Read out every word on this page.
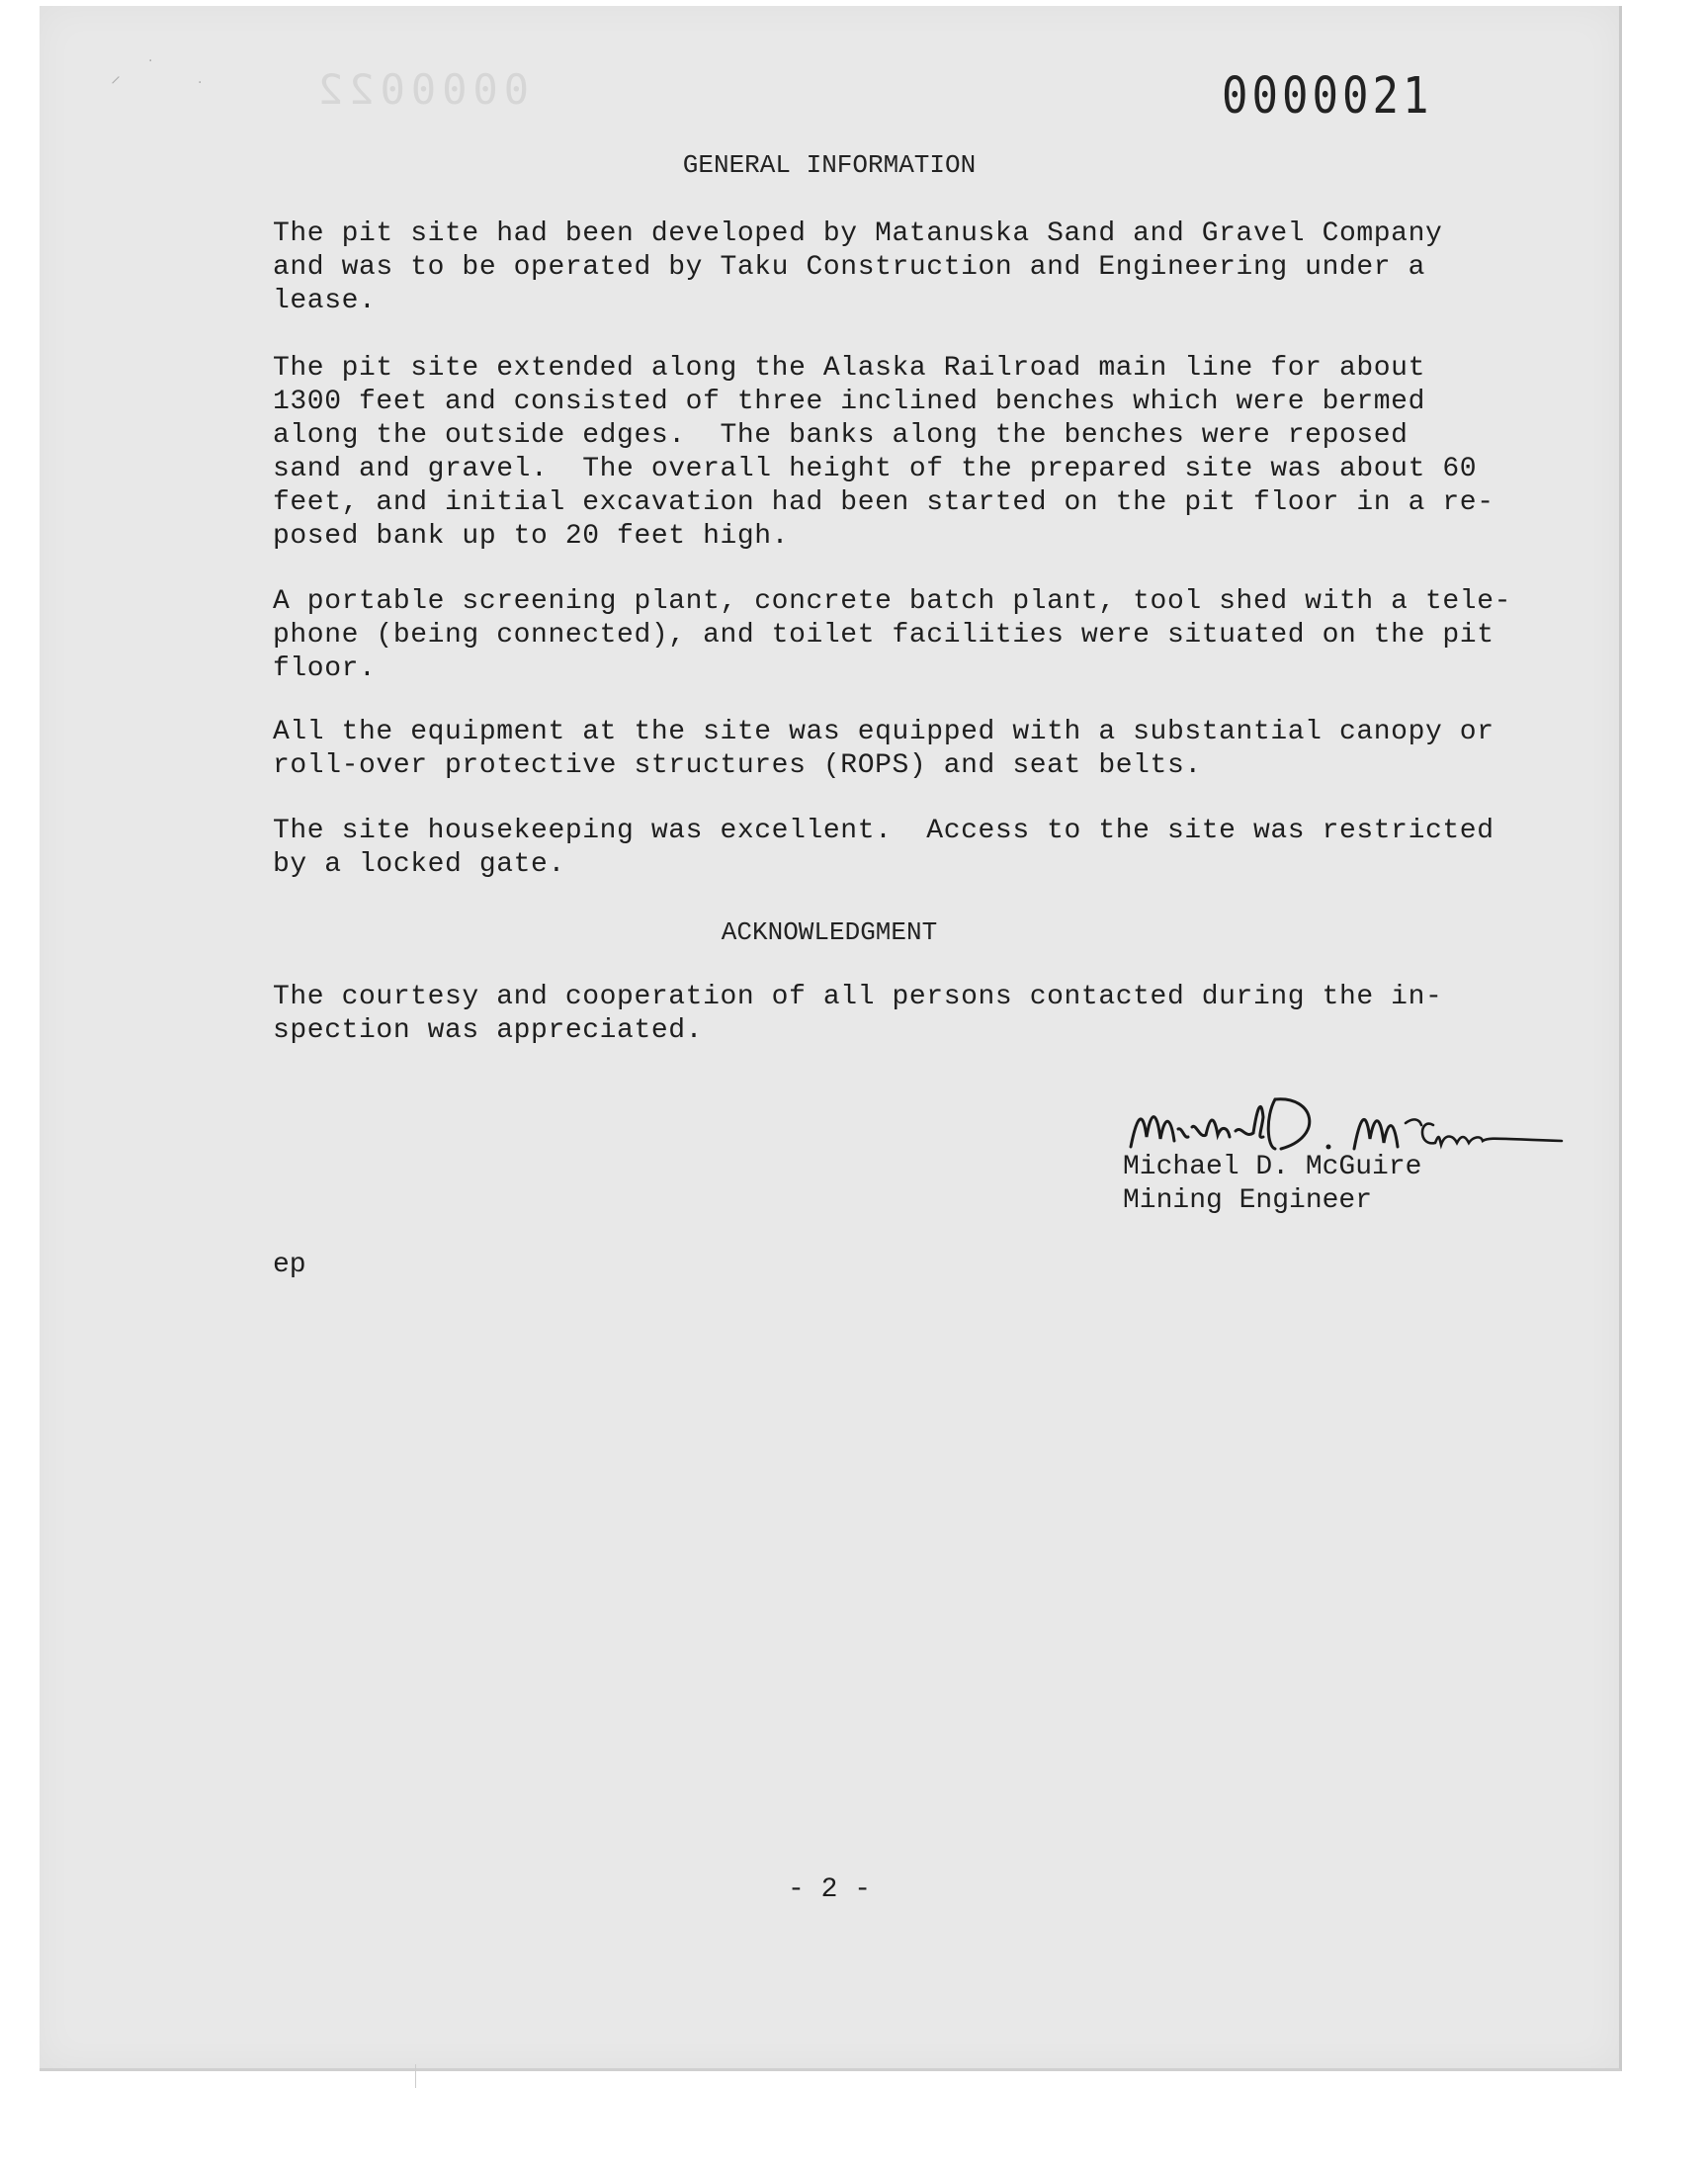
0000022	0000021
⸝
·
·
GENERAL INFORMATION

The pit site had been developed by Matanuska Sand and Gravel Company
and was to be operated by Taku Construction and Engineering under a
lease.

The pit site extended along the Alaska Railroad main line for about
1300 feet and consisted of three inclined benches which were bermed
along the outside edges.  The banks along the benches were reposed
sand and gravel.  The overall height of the prepared site was about 60
feet, and initial excavation had been started on the pit floor in a re-
posed bank up to 20 feet high.

A portable screening plant, concrete batch plant, tool shed with a tele-
phone (being connected), and toilet facilities were situated on the pit
floor.

All the equipment at the site was equipped with a substantial canopy or
roll-over protective structures (ROPS) and seat belts.

The site housekeeping was excellent.  Access to the site was restricted
by a locked gate.

ACKNOWLEDGMENT

The courtesy and cooperation of all persons contacted during the in-
spection was appreciated.

Michael D. McGuire
Mining Engineer
ep
- 2 -
